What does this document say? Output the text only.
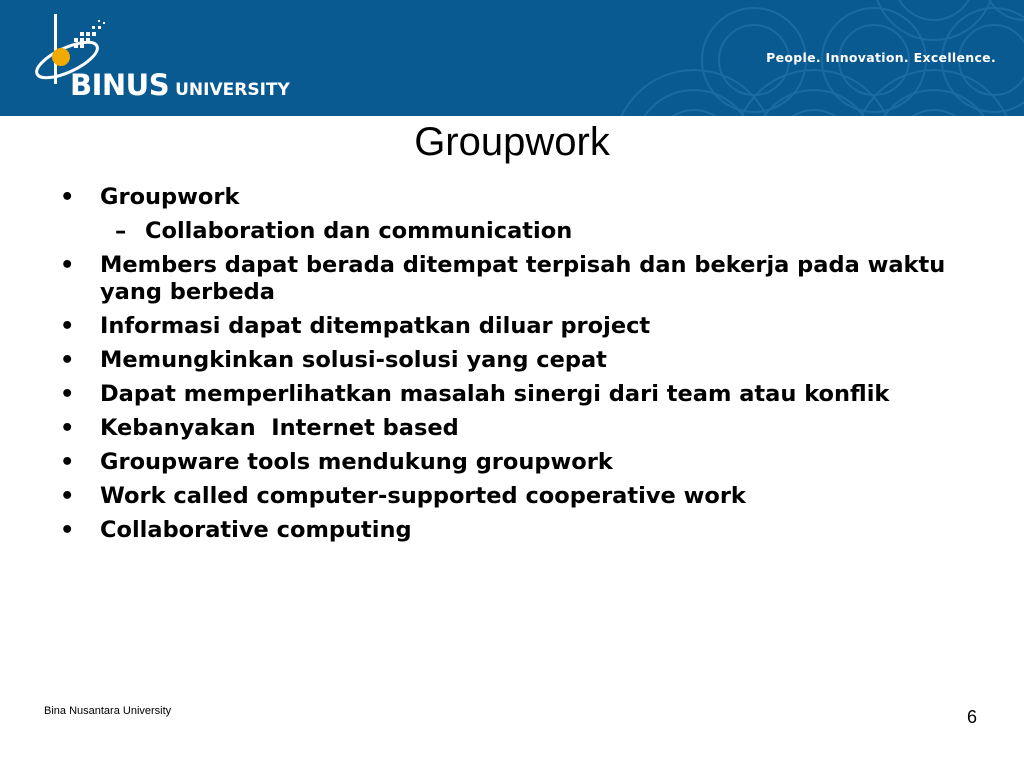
BINUS UNIVERSITY
People. Innovation. Excellence.
Groupwork
• Groupwork
– Collaboration dan communication
• Members dapat berada ditempat terpisah dan bekerja pada waktu yang berbeda
• Informasi dapat ditempatkan diluar project
• Memungkinkan solusi-solusi yang cepat
• Dapat memperlihatkan masalah sinergi dari team atau konflik
• Kebanyakan  Internet based
• Groupware tools mendukung groupwork
• Work called computer-supported cooperative work
• Collaborative computing
Bina Nusantara University	6
